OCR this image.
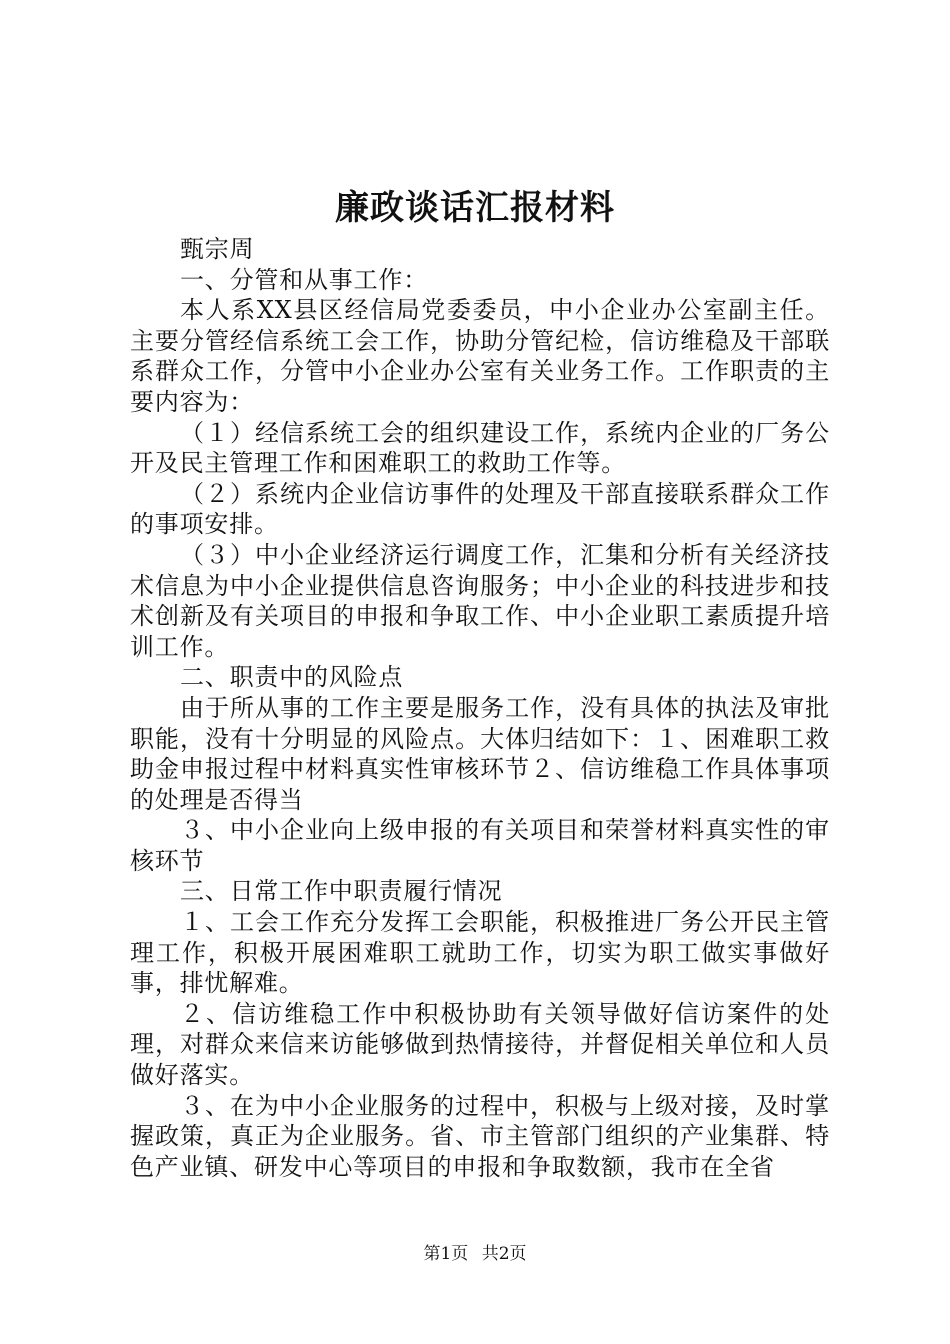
廉政谈话汇报材料

甄宗周

一、分管和从事工作：

本人系XX县区经信局党委委员，中小企业办公室副主任。主要分管经信系统工会工作，协助分管纪检，信访维稳及干部联系群众工作，分管中小企业办公室有关业务工作。工作职责的主要内容为：

（１）经信系统工会的组织建设工作，系统内企业的厂务公开及民主管理工作和困难职工的救助工作等。

（２）系统内企业信访事件的处理及干部直接联系群众工作的事项安排。

（３）中小企业经济运行调度工作，汇集和分析有关经济技术信息为中小企业提供信息咨询服务；中小企业的科技进步和技术创新及有关项目的申报和争取工作、中小企业职工素质提升培训工作。

二、职责中的风险点

由于所从事的工作主要是服务工作，没有具体的执法及审批职能，没有十分明显的风险点。大体归结如下：１、困难职工救助金申报过程中材料真实性审核环节２、信访维稳工作具体事项的处理是否得当

３、中小企业向上级申报的有关项目和荣誉材料真实性的审核环节

三、日常工作中职责履行情况

１、工会工作充分发挥工会职能，积极推进厂务公开民主管理工作，积极开展困难职工就助工作，切实为职工做实事做好事，排忧解难。

２、信访维稳工作中积极协助有关领导做好信访案件的处理，对群众来信来访能够做到热情接待，并督促相关单位和人员做好落实。

３、在为中小企业服务的过程中，积极与上级对接，及时掌握政策，真正为企业服务。省、市主管部门组织的产业集群、特色产业镇、研发中心等项目的申报和争取数额，我市在全省

第1页 共2页
